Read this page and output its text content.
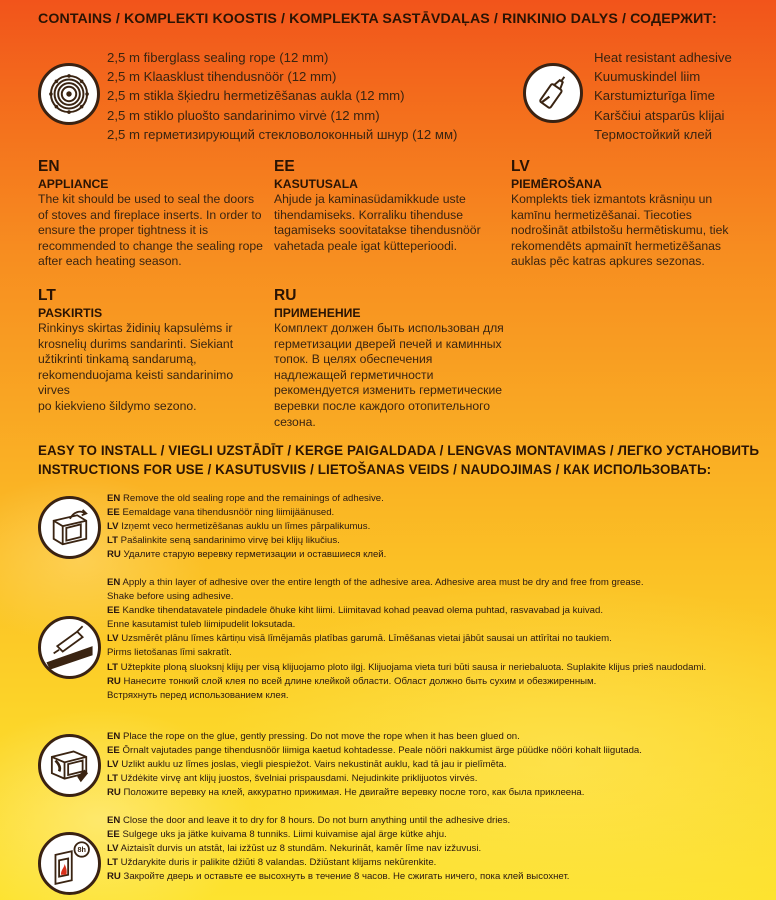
CONTAINS / KOMPLEKTI KOOSTIS / KOMPLEKTA SASTĀVDAĻAS / RINKINIO DALYS / СОДЕРЖИТ:
2,5 m fiberglass sealing rope (12 mm)
2,5 m Klaasklust tihendusnöör (12 mm)
2,5 m stikla šķiedru hermetizēšanas aukla (12 mm)
2,5 m stiklo pluošto sandarinimo virvė (12 mm)
2,5 m герметизирующий стекловолоконный шнур (12 мм)
Heat resistant adhesive
Kuumuskindel liim
Karstumizturīga līme
Karščiui atsparūs klijai
Термостойкий клей
EN
APPLIANCE
The kit should be used to seal the doors
of stoves and fireplace inserts. In order to
ensure the proper tightness it is
recommended to change the sealing rope
after each heating season.
EE
KASUTUSALA
Ahjude ja kaminasüdamikkude uste
tihendamiseks. Korraliku tihenduse
tagamiseks soovitatakse tihendusnöör
vahetada peale igat kütteperioodi.
LV
PIEMĒROŠANA
Komplekts tiek izmantots krāsniņu un
kamīnu hermetizēšanai. Tiecoties
nodrošināt atbilstošu hermētiskumu, tiek
rekomendēts apmainīt hermetizēšanas
auklas pēc katras apkures sezonas.
LT
PASKIRTIS
Rinkinys skirtas židinių kapsulėms ir
krosnelių durims sandarinti. Siekiant
užtikrinti tinkamą sandarumą,
rekomenduojama keisti sandarinimo virves
po kiekvieno šildymo sezono.
RU
ПРИМЕНЕНИЕ
Комплект должен быть использован для
герметизации дверей печей и каминных
топок. В целях обеспечения
надлежащей герметичности
рекомендуется изменить герметические
веревки после каждого отопительного
сезона.
EASY TO INSTALL / VIEGLI UZSTĀDĪT / KERGE PAIGALDADA / LENGVAS MONTAVIMAS / ЛЕГКО УСТАНОВИТЬ
INSTRUCTIONS FOR USE / KASUTUSVIIS / LIETOŠANAS VEIDS / NAUDOJIMAS / КАК ИСПОЛЬЗОВАТЬ:
EN Remove the old sealing rope and the remainings of adhesive.
EE Eemaldage vana tihendusnöör ning liimijäänused.
LV Izņemt veco hermetizēšanas auklu un līmes pārpalikumus.
LT Pašalinkite seną sandarinimo virvę bei klijų likučius.
RU Удалите старую веревку герметизации и оставшиеся клей.
EN Apply a thin layer of adhesive over the entire length of the adhesive area. Adhesive area must be dry and free from grease.
Shake before using adhesive.
EE Kandke tihendatavatele pindadele õhuke kiht liimi. Liimitavad kohad peavad olema puhtad, rasvavabad ja kuivad.
Enne kasutamist tuleb liimipudelit loksutada.
LV Uzsmērēt plānu līmes kārtiņu visā līmējamās platības garumā. Līmēšanas vietai jābūt sausai un attīrītai no taukiem.
Pirms lietošanas līmi sakratīt.
LT Užtepkite ploną sluoksnį klijų per visą klijuojamo ploto ilgį. Klijuojama vieta turi būti sausa ir neriebaluota. Suplakite klijus prieš naudodami.
RU Нанесите тонкий слой клея по всей длине клейкой области. Област должно быть сухим и обезжиренным.
Встряхнуть перед использованием клея.
EN Place the rope on the glue, gently pressing. Do not move the rope when it has been glued on.
EE Ōrnalt vajutades pange tihendusnöör liimiga kaetud kohtadesse. Peale nööri nakkumist ärge püüdke nööri kohalt liigutada.
LV Uzlikt auklu uz līmes joslas, viegli piespiežot. Vairs nekustināt auklu, kad tā jau ir pielīmēta.
LT Uždėkite virvę ant klijų juostos, švelniai prispausdami. Nejudinkite priklijuotos virvės.
RU Положите веревку на клей, аккуратно прижимая. Не двигайте веревку после того, как была приклеена.
8h
EN Close the door and leave it to dry for 8 hours. Do not burn anything until the adhesive dries.
EE Sulgege uks ja jätke kuivama 8 tunniks. Liimi kuivamise ajal ärge kütke ahju.
LV Aiztaisīt durvis un atstāt, lai izžūst uz 8 stundām. Nekurināt, kamēr līme nav izžuvusi.
LT Uždarykite duris ir palikite džiūti 8 valandas. Džiūstant klijams nekūrenkite.
RU Закройте дверь и оставьте ее высохнуть в течение 8 часов. Не сжигать ничего, пока клей высохнет.
